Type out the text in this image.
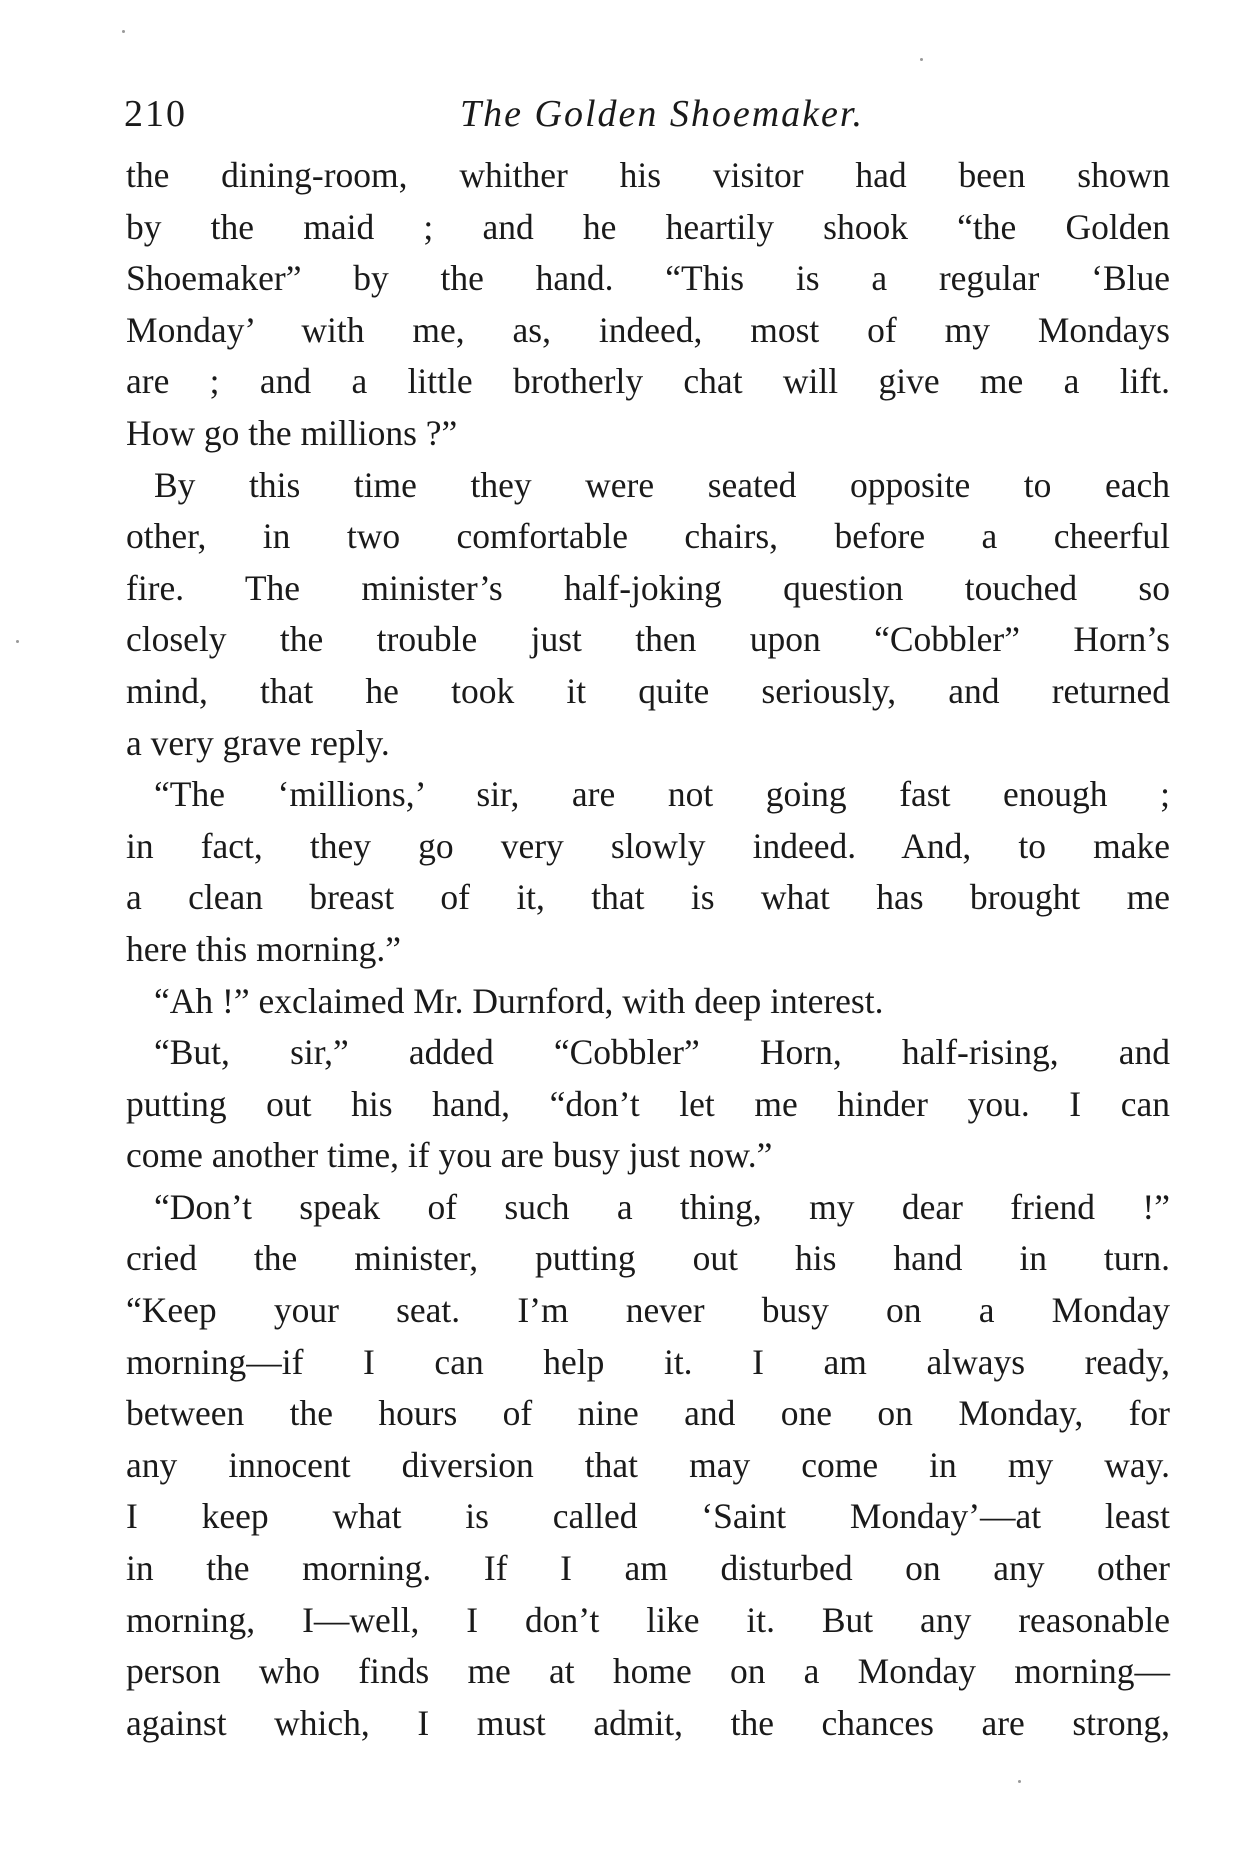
210	The Golden Shoemaker.
the dining-room, whither his visitor had been shown
by the maid ; and he heartily shook “the Golden
Shoemaker” by the hand. “This is a regular ‘Blue
Monday’ with me, as, indeed, most of my Mondays
are ; and a little brotherly chat will give me a lift.
How go the millions ?”
By this time they were seated opposite to each
other, in two comfortable chairs, before a cheerful
fire. The minister’s half-joking question touched so
closely the trouble just then upon “Cobbler” Horn’s
mind, that he took it quite seriously, and returned
a very grave reply.
“The ‘millions,’ sir, are not going fast enough ;
in fact, they go very slowly indeed. And, to make
a clean breast of it, that is what has brought me
here this morning.”
“Ah !” exclaimed Mr. Durnford, with deep interest.
“But, sir,” added “Cobbler” Horn, half-rising, and
putting out his hand, “don’t let me hinder you. I can
come another time, if you are busy just now.”
“Don’t speak of such a thing, my dear friend !”
cried the minister, putting out his hand in turn.
“Keep your seat. I’m never busy on a Monday
morning—if I can help it. I am always ready,
between the hours of nine and one on Monday, for
any innocent diversion that may come in my way.
I keep what is called ‘Saint Monday’—at least
in the morning. If I am disturbed on any other
morning, I—well, I don’t like it. But any reasonable
person who finds me at home on a Monday morning—
against which, I must admit, the chances are strong,
